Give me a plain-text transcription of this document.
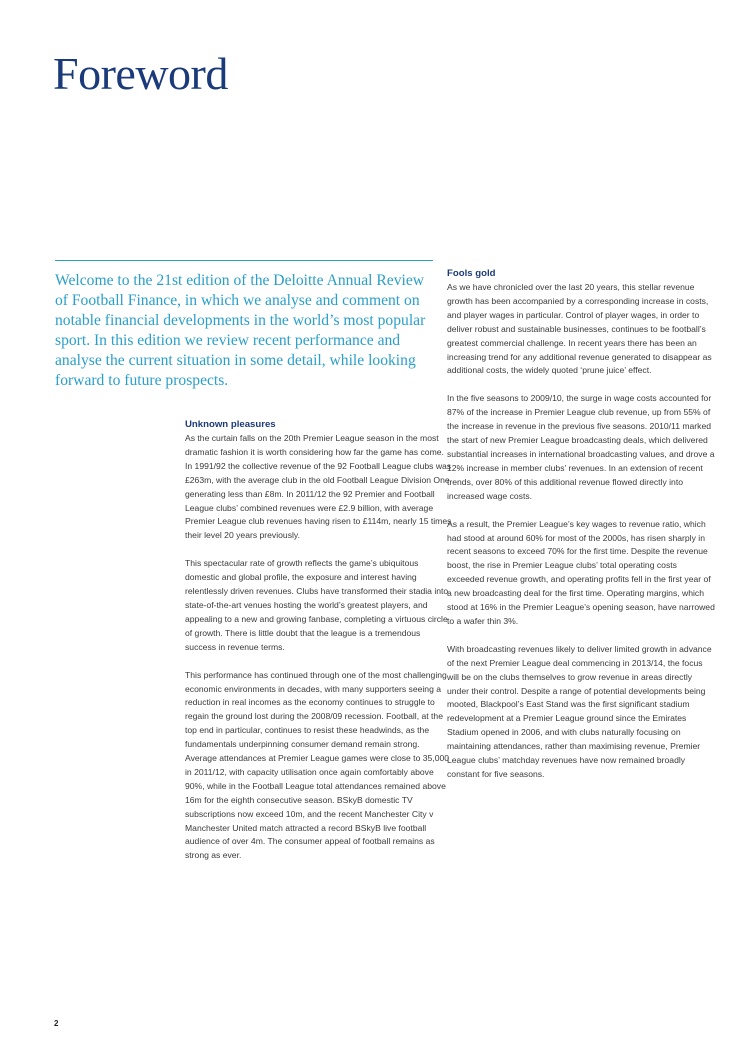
Foreword

Welcome to the 21st edition of the Deloitte Annual Review of Football Finance, in which we analyse and comment on notable financial developments in the world’s most popular sport. In this edition we review recent performance and analyse the current situation in some detail, while looking forward to future prospects.

Unknown pleasures

As the curtain falls on the 20th Premier League season in the most dramatic fashion it is worth considering how far the game has come. In 1991/92 the collective revenue of the 92 Football League clubs was £263m, with the average club in the old Football League Division One generating less than £8m. In 2011/12 the 92 Premier and Football League clubs’ combined revenues were £2.9 billion, with average Premier League club revenues having risen to £114m, nearly 15 times their level 20 years previously.

This spectacular rate of growth reflects the game’s ubiquitous domestic and global profile, the exposure and interest having relentlessly driven revenues. Clubs have transformed their stadia into state-of-the-art venues hosting the world’s greatest players, and appealing to a new and growing fanbase, completing a virtuous circle of growth. There is little doubt that the league is a tremendous success in revenue terms.

This performance has continued through one of the most challenging economic environments in decades, with many supporters seeing a reduction in real incomes as the economy continues to struggle to regain the ground lost during the 2008/09 recession. Football, at the top end in particular, continues to resist these headwinds, as the fundamentals underpinning consumer demand remain strong. Average attendances at Premier League games were close to 35,000 in 2011/12, with capacity utilisation once again comfortably above 90%, while in the Football League total attendances remained above 16m for the eighth consecutive season. BSkyB domestic TV subscriptions now exceed 10m, and the recent Manchester City v Manchester United match attracted a record BSkyB live football audience of over 4m. The consumer appeal of football remains as strong as ever.

Fools gold

As we have chronicled over the last 20 years, this stellar revenue growth has been accompanied by a corresponding increase in costs, and player wages in particular. Control of player wages, in order to deliver robust and sustainable businesses, continues to be football’s greatest commercial challenge. In recent years there has been an increasing trend for any additional revenue generated to disappear as additional costs, the widely quoted ‘prune juice’ effect.

In the five seasons to 2009/10, the surge in wage costs accounted for 87% of the increase in Premier League club revenue, up from 55% of the increase in revenue in the previous five seasons. 2010/11 marked the start of new Premier League broadcasting deals, which delivered substantial increases in international broadcasting values, and drove a 12% increase in member clubs’ revenues. In an extension of recent trends, over 80% of this additional revenue flowed directly into increased wage costs.

As a result, the Premier League’s key wages to revenue ratio, which had stood at around 60% for most of the 2000s, has risen sharply in recent seasons to exceed 70% for the first time. Despite the revenue boost, the rise in Premier League clubs’ total operating costs exceeded revenue growth, and operating profits fell in the first year of a new broadcasting deal for the first time. Operating margins, which stood at 16% in the Premier League’s opening season, have narrowed to a wafer thin 3%.

With broadcasting revenues likely to deliver limited growth in advance of the next Premier League deal commencing in 2013/14, the focus will be on the clubs themselves to grow revenue in areas directly under their control. Despite a range of potential developments being mooted, Blackpool’s East Stand was the first significant stadium redevelopment at a Premier League ground since the Emirates Stadium opened in 2006, and with clubs naturally focusing on maintaining attendances, rather than maximising revenue, Premier League clubs’ matchday revenues have now remained broadly constant for five seasons.

2
